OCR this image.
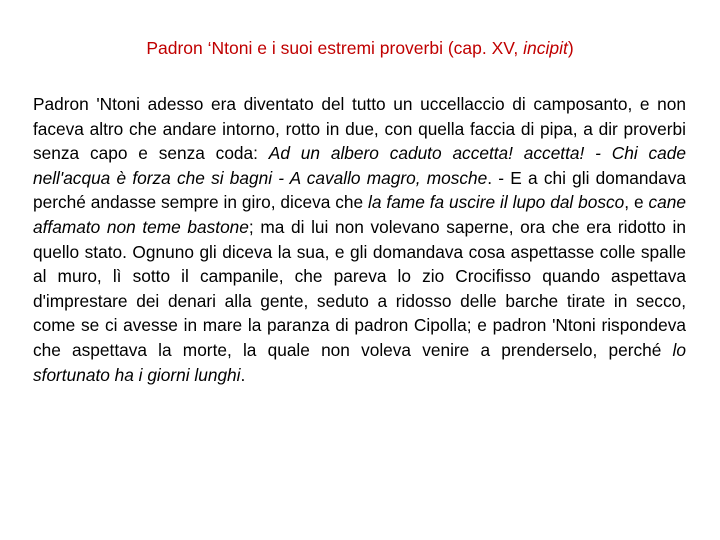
Padron ‘Ntoni e i suoi estremi proverbi (cap. XV, incipit)

Padron 'Ntoni adesso era diventato del tutto un uccellaccio di camposanto, e non faceva altro che andare intorno, rotto in due, con quella faccia di pipa, a dir proverbi senza capo e senza coda: Ad un albero caduto accetta! accetta! - Chi cade nell'acqua è forza che si bagni - A cavallo magro, mosche. - E a chi gli domandava perché andasse sempre in giro, diceva che la fame fa uscire il lupo dal bosco, e cane affamato non teme bastone; ma di lui non volevano saperne, ora che era ridotto in quello stato. Ognuno gli diceva la sua, e gli domandava cosa aspettasse colle spalle al muro, lì sotto il campanile, che pareva lo zio Crocifisso quando aspettava d'imprestare dei denari alla gente, seduto a ridosso delle barche tirate in secco, come se ci avesse in mare la paranza di padron Cipolla; e padron 'Ntoni rispondeva che aspettava la morte, la quale non voleva venire a prenderselo, perché lo sfortunato ha i giorni lunghi.
